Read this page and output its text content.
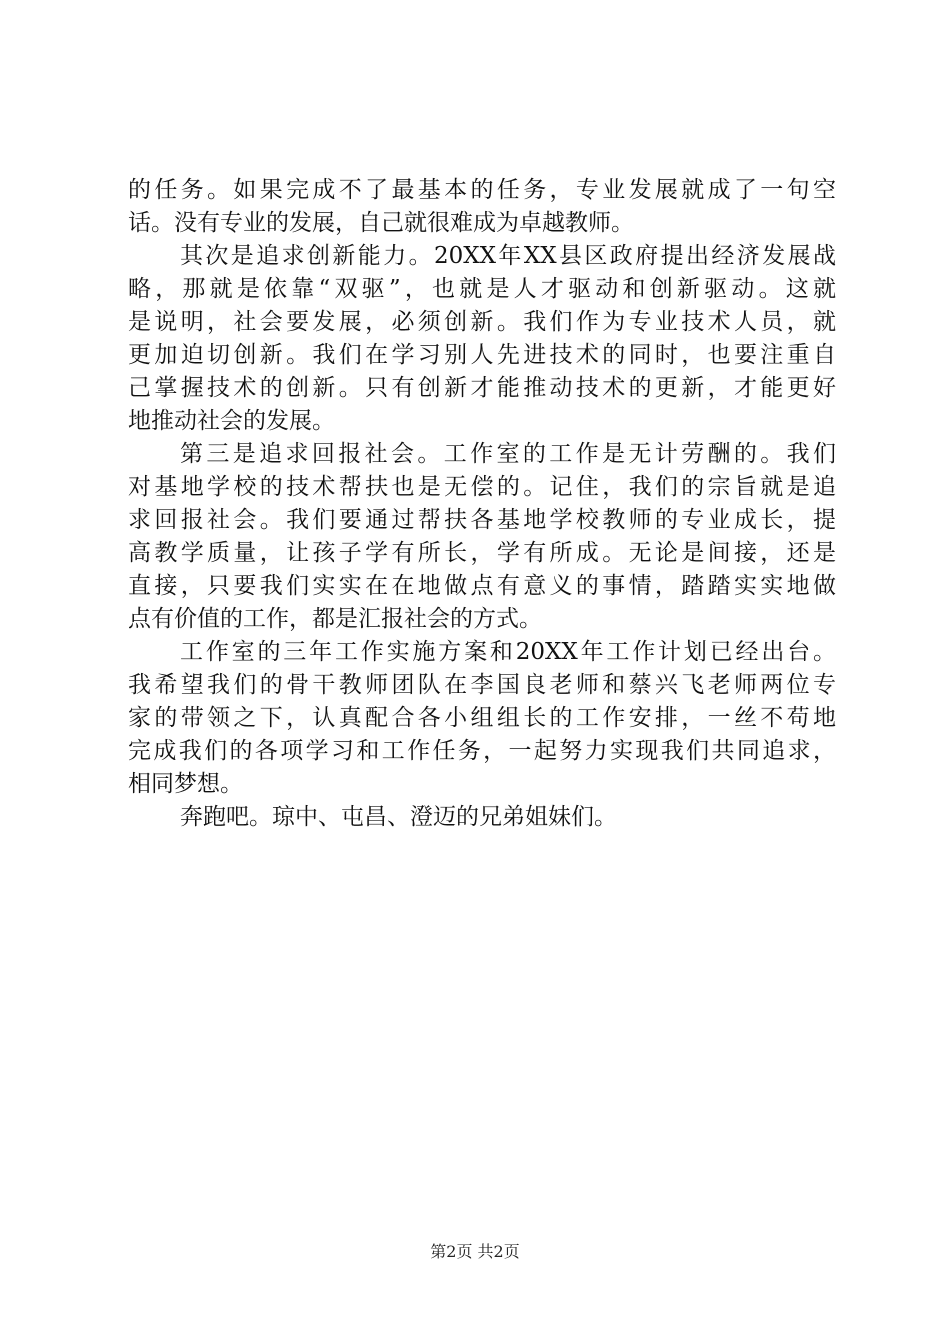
的任务。如果完成不了最基本的任务，专业发展就成了一句空
话。没有专业的发展，自己就很难成为卓越教师。
其次是追求创新能力。20XX年XX县区政府提出经济发展战
略，那就是依靠“双驱”，也就是人才驱动和创新驱动。这就
是说明，社会要发展，必须创新。我们作为专业技术人员，就
更加迫切创新。我们在学习别人先进技术的同时，也要注重自
己掌握技术的创新。只有创新才能推动技术的更新，才能更好
地推动社会的发展。
第三是追求回报社会。工作室的工作是无计劳酬的。我们
对基地学校的技术帮扶也是无偿的。记住，我们的宗旨就是追
求回报社会。我们要通过帮扶各基地学校教师的专业成长，提
高教学质量，让孩子学有所长，学有所成。无论是间接，还是
直接，只要我们实实在在地做点有意义的事情，踏踏实实地做
点有价值的工作，都是汇报社会的方式。
工作室的三年工作实施方案和20XX年工作计划已经出台。
我希望我们的骨干教师团队在李国良老师和蔡兴飞老师两位专
家的带领之下，认真配合各小组组长的工作安排，一丝不苟地
完成我们的各项学习和工作任务，一起努力实现我们共同追求，
相同梦想。
奔跑吧。琼中、屯昌、澄迈的兄弟姐妹们。
第2页 共2页
